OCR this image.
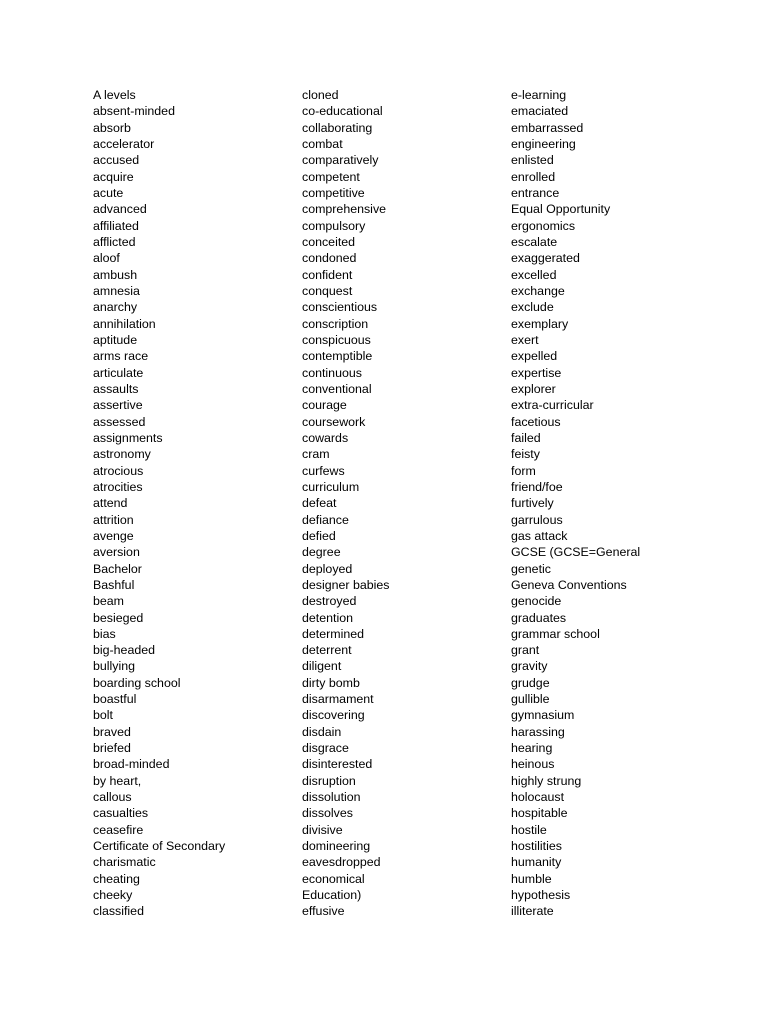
A levels
absent-minded
absorb
accelerator
accused
acquire
acute
advanced
affiliated
afflicted
aloof
ambush
amnesia
anarchy
annihilation
aptitude
arms race
articulate
assaults
assertive
assessed
assignments
astronomy
atrocious
atrocities
attend
attrition
avenge
aversion
Bachelor
Bashful
beam
besieged
bias
big-headed
bullying
boarding school
boastful
bolt
braved
briefed
broad-minded
by heart,
callous
casualties
ceasefire
Certificate of Secondary
charismatic
cheating
cheeky
classified
cloned
co-educational
collaborating
combat
comparatively
competent
competitive
comprehensive
compulsory
conceited
condoned
confident
conquest
conscientious
conscription
conspicuous
contemptible
continuous
conventional
courage
coursework
cowards
cram
curfews
curriculum
defeat
defiance
defied
degree
deployed
designer babies
destroyed
detention
determined
deterrent
diligent
dirty bomb
disarmament
discovering
disdain
disgrace
disinterested
disruption
dissolution
dissolves
divisive
domineering
eavesdropped
economical
Education)
effusive
e-learning
emaciated
embarrassed
engineering
enlisted
enrolled
entrance
Equal Opportunity
ergonomics
escalate
exaggerated
excelled
exchange
exclude
exemplary
exert
expelled
expertise
explorer
extra-curricular
facetious
failed
feisty
form
friend/foe
furtively
garrulous
gas attack
GCSE (GCSE=General
genetic
Geneva Conventions
genocide
graduates
grammar school
grant
gravity
grudge
gullible
gymnasium
harassing
hearing
heinous
highly strung
holocaust
hospitable
hostile
hostilities
humanity
humble
hypothesis
illiterate
